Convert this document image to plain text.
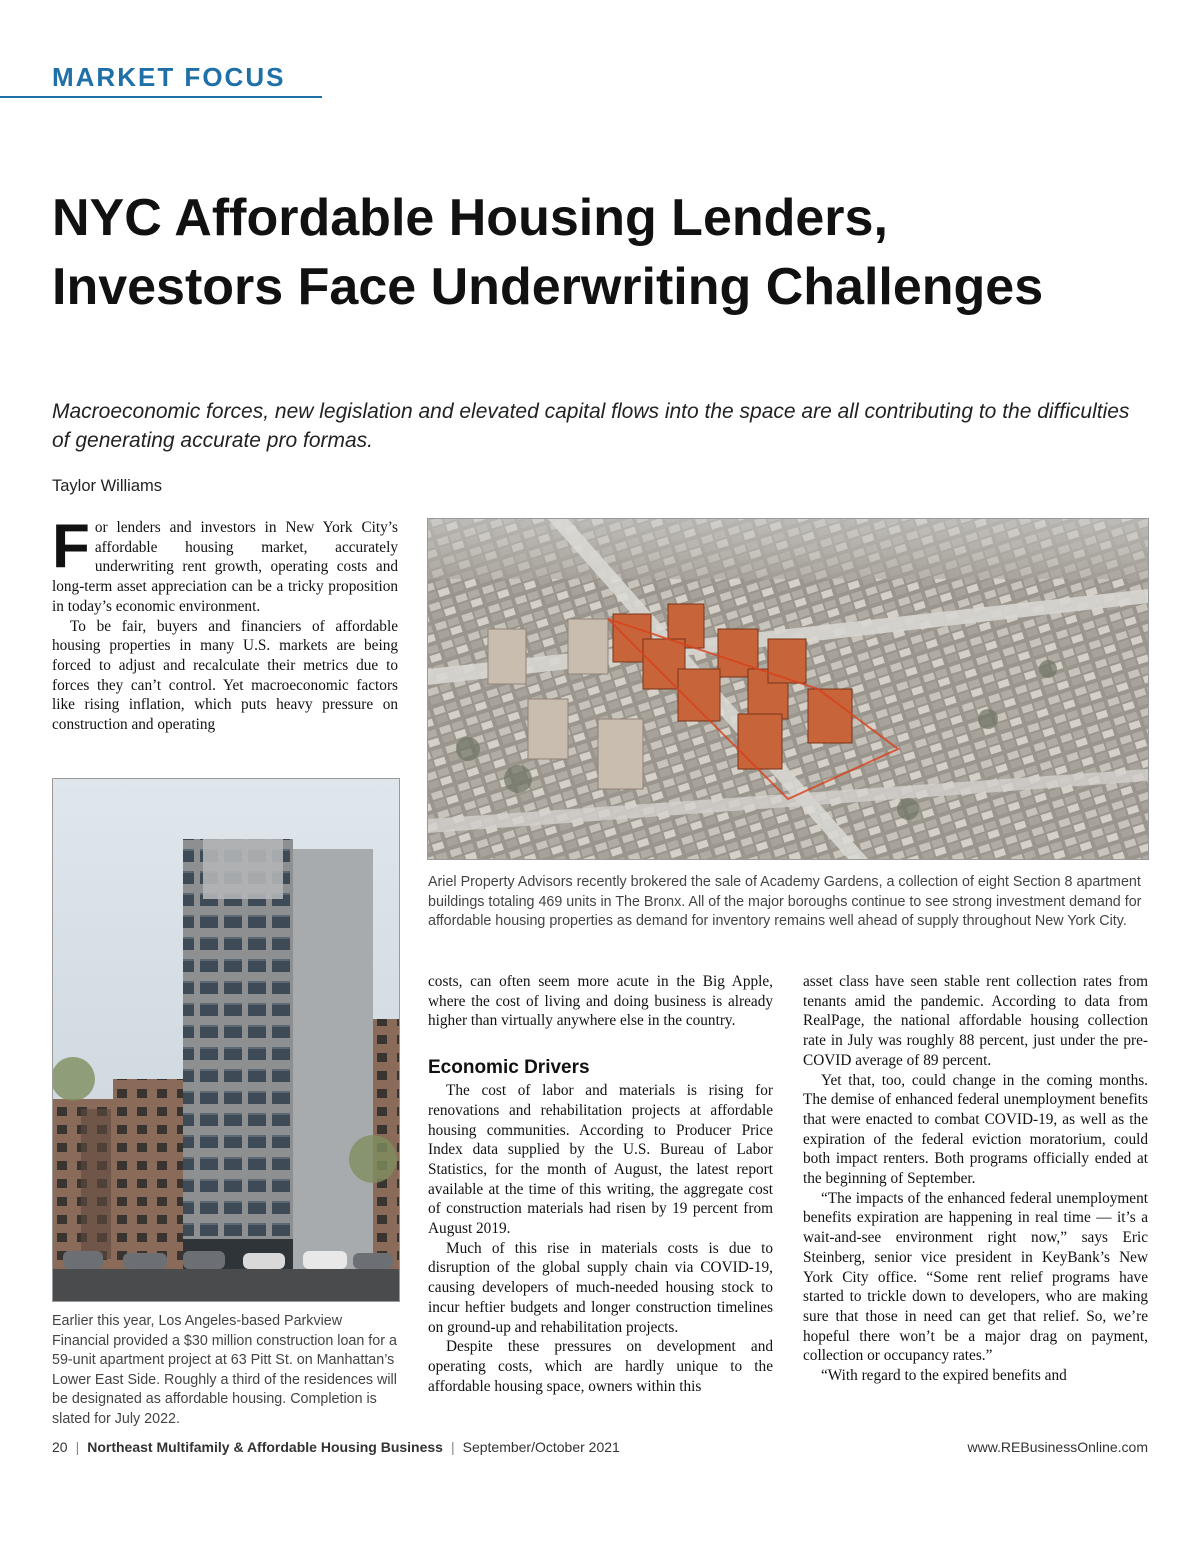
MARKET FOCUS
NYC Affordable Housing Lenders, Investors Face Underwriting Challenges

Macroeconomic forces, new legislation and elevated capital flows into the space are all contributing to the difficulties of generating accurate pro formas.

Taylor Williams

For lenders and investors in New York City’s affordable housing market, accurately underwriting rent growth, operating costs and long-term asset appreciation can be a tricky proposition in today’s economic environment.

To be fair, buyers and financiers of affordable housing properties in many U.S. markets are being forced to adjust and recalculate their metrics due to forces they can’t control. Yet macroeconomic factors like rising inflation, which puts heavy pressure on construction and operating

Ariel Property Advisors recently brokered the sale of Academy Gardens, a collection of eight Section 8 apartment buildings totaling 469 units in The Bronx. All of the major boroughs continue to see strong investment demand for affordable housing properties as demand for inventory remains well ahead of supply throughout New York City.

Earlier this year, Los Angeles-based Parkview Financial provided a $30 million construction loan for a 59-unit apartment project at 63 Pitt St. on Manhattan’s Lower East Side. Roughly a third of the residences will be designated as affordable housing. Completion is slated for July 2022.

costs, can often seem more acute in the Big Apple, where the cost of living and doing business is already higher than virtually anywhere else in the country.

Economic Drivers

The cost of labor and materials is rising for renovations and rehabilitation projects at affordable housing communities. According to Producer Price Index data supplied by the U.S. Bureau of Labor Statistics, for the month of August, the latest report available at the time of this writing, the aggregate cost of construction materials had risen by 19 percent from August 2019.

Much of this rise in materials costs is due to disruption of the global supply chain via COVID-19, causing developers of much-needed housing stock to incur heftier budgets and longer construction timelines on ground-up and rehabilitation projects.

Despite these pressures on development and operating costs, which are hardly unique to the affordable housing space, owners within this

asset class have seen stable rent collection rates from tenants amid the pandemic. According to data from RealPage, the national affordable housing collection rate in July was roughly 88 percent, just under the pre-COVID average of 89 percent.

Yet that, too, could change in the coming months. The demise of enhanced federal unemployment benefits that were enacted to combat COVID-19, as well as the expiration of the federal eviction moratorium, could both impact renters. Both programs officially ended at the beginning of September.

“The impacts of the enhanced federal unemployment benefits expiration are happening in real time — it’s a wait-and-see environment right now,” says Eric Steinberg, senior vice president in KeyBank’s New York City office. “Some rent relief programs have started to trickle down to developers, who are making sure that those in need can get that relief. So, we’re hopeful there won’t be a major drag on payment, collection or occupancy rates.”

“With regard to the expired benefits and

20 | Northeast Multifamily & Affordable Housing Business | September/October 2021	www.REBusinessOnline.com
